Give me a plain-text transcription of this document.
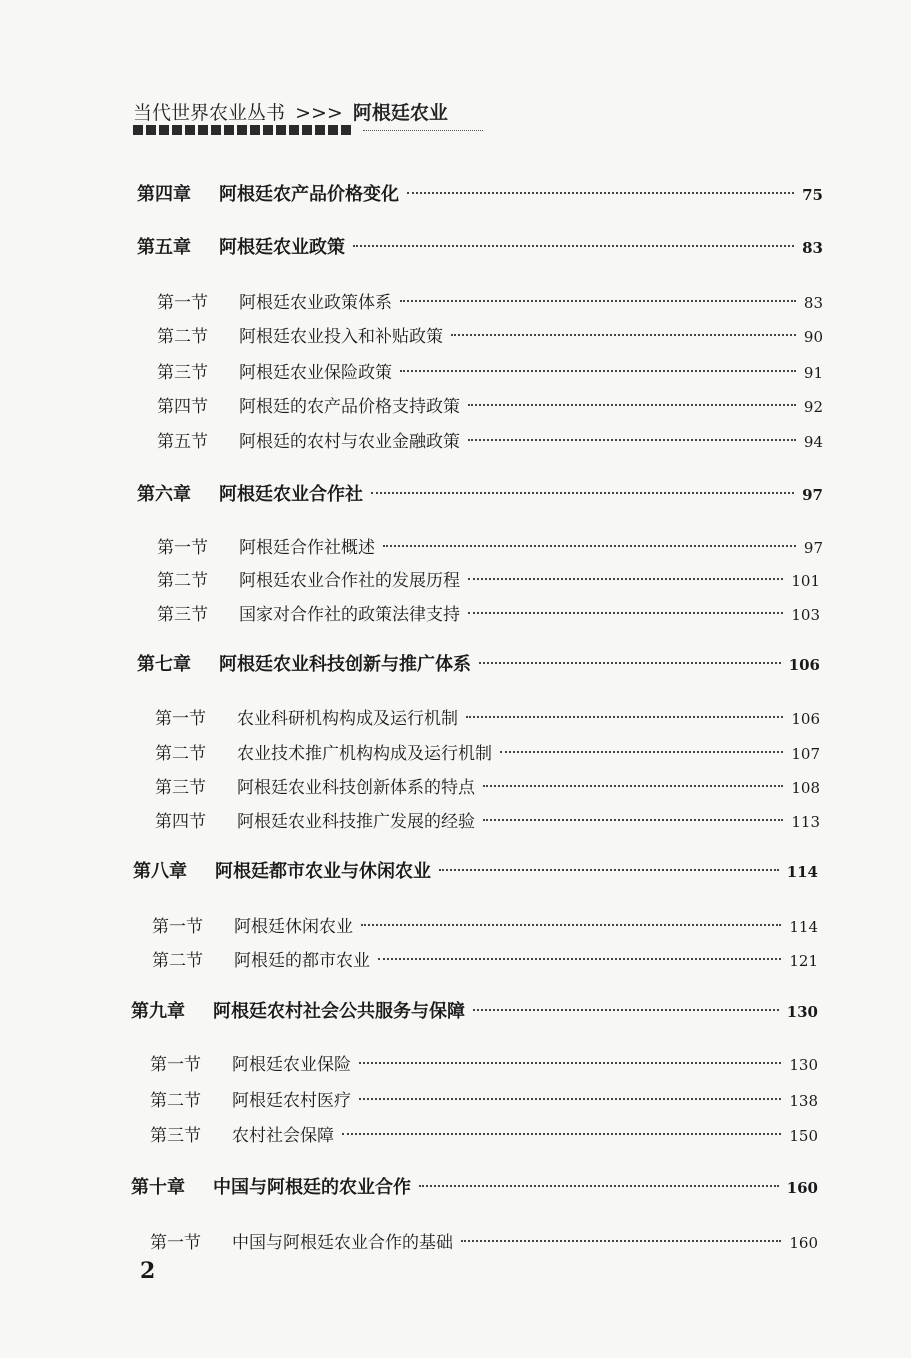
当代世界农业丛书 >>> 阿根廷农业
第四章	阿根廷农产品价格变化	75
第五章	阿根廷农业政策	83
第一节	阿根廷农业政策体系	83
第二节	阿根廷农业投入和补贴政策	90
第三节	阿根廷农业保险政策	91
第四节	阿根廷的农产品价格支持政策	92
第五节	阿根廷的农村与农业金融政策	94
第六章	阿根廷农业合作社	97
第一节	阿根廷合作社概述	97
第二节	阿根廷农业合作社的发展历程	101
第三节	国家对合作社的政策法律支持	103
第七章	阿根廷农业科技创新与推广体系	106
第一节	农业科研机构构成及运行机制	106
第二节	农业技术推广机构构成及运行机制	107
第三节	阿根廷农业科技创新体系的特点	108
第四节	阿根廷农业科技推广发展的经验	113
第八章	阿根廷都市农业与休闲农业	114
第一节	阿根廷休闲农业	114
第二节	阿根廷的都市农业	121
第九章	阿根廷农村社会公共服务与保障	130
第一节	阿根廷农业保险	130
第二节	阿根廷农村医疗	138
第三节	农村社会保障	150
第十章	中国与阿根廷的农业合作	160
第一节	中国与阿根廷农业合作的基础	160
2
